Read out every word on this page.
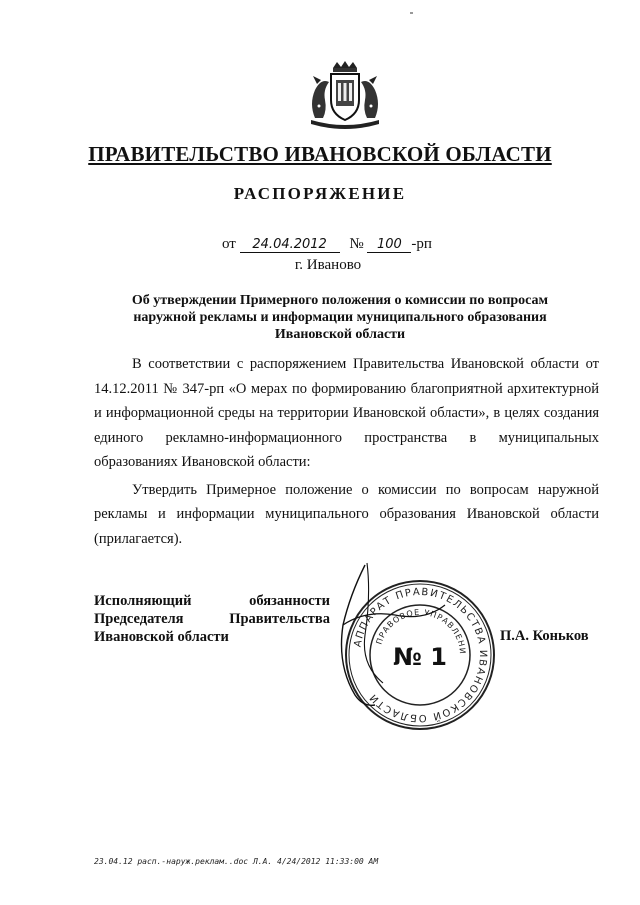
ПРАВИТЕЛЬСТВО ИВАНОВСКОЙ ОБЛАСТИ
РАСПОРЯЖЕНИЕ
от 24.04.2012 № 100 -рп
г. Иваново
Об утверждении Примерного положения о комиссии по вопросам
наружной рекламы и информации муниципального образования
Ивановской области

В соответствии с распоряжением Правительства Ивановской области от 14.12.2011 № 347-рп «О мерах по формированию благоприятной архитектурной и информационной среды на территории Ивановской области», в целях создания единого рекламно-информационного пространства в муниципальных образованиях Ивановской области:

Утвердить Примерное положение о комиссии по вопросам наружной рекламы и информации муниципального образования Ивановской области (прилагается).

Исполняющий	обязанности
Председателя	Правительства
Ивановской области	П.А. Коньков
АППАРАТ ПРАВИТЕЛЬСТВА ИВАНОВСКОЙ ОБЛАСТИ
ПРАВОВОЕ УПРАВЛЕНИ
№ 1
23.04.12 расп.-наруж.реклам..doc Л.А. 4/24/2012 11:33:00 AM
